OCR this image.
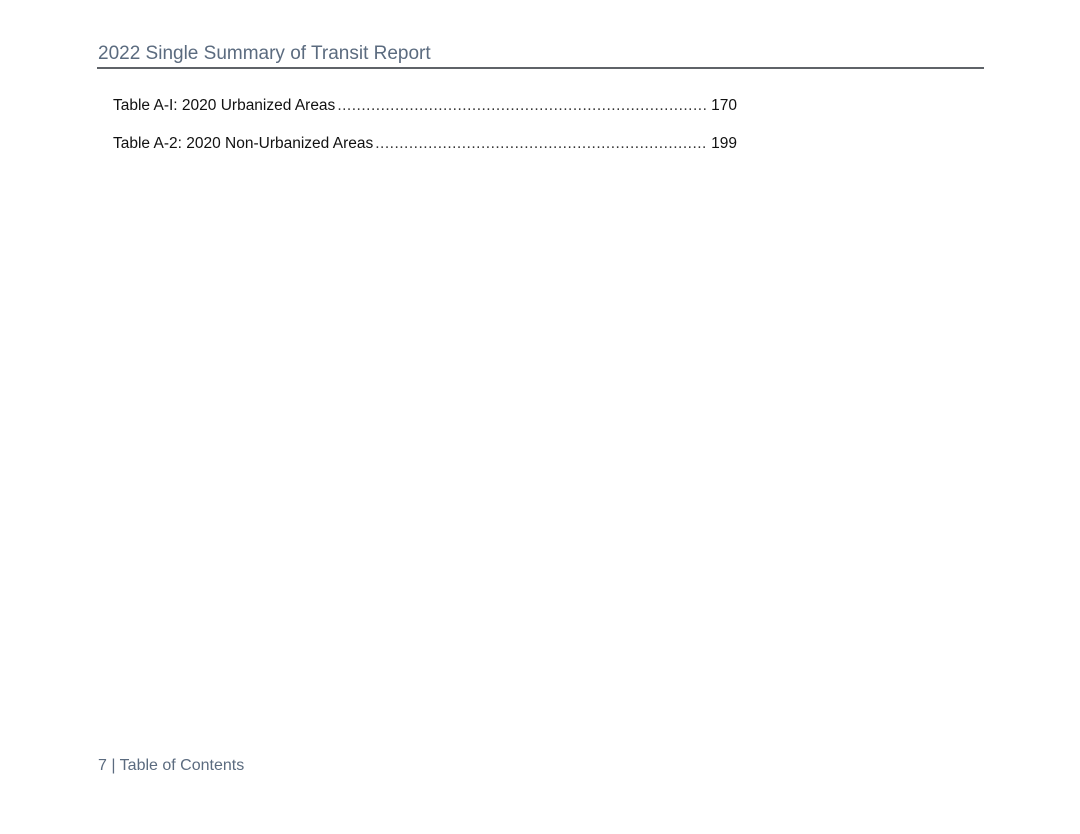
2022 Single Summary of Transit Report
Table A-I: 2020 Urbanized Areas .....	170
Table A-2: 2020 Non-Urbanized Areas .....	199
7 | Table of Contents
